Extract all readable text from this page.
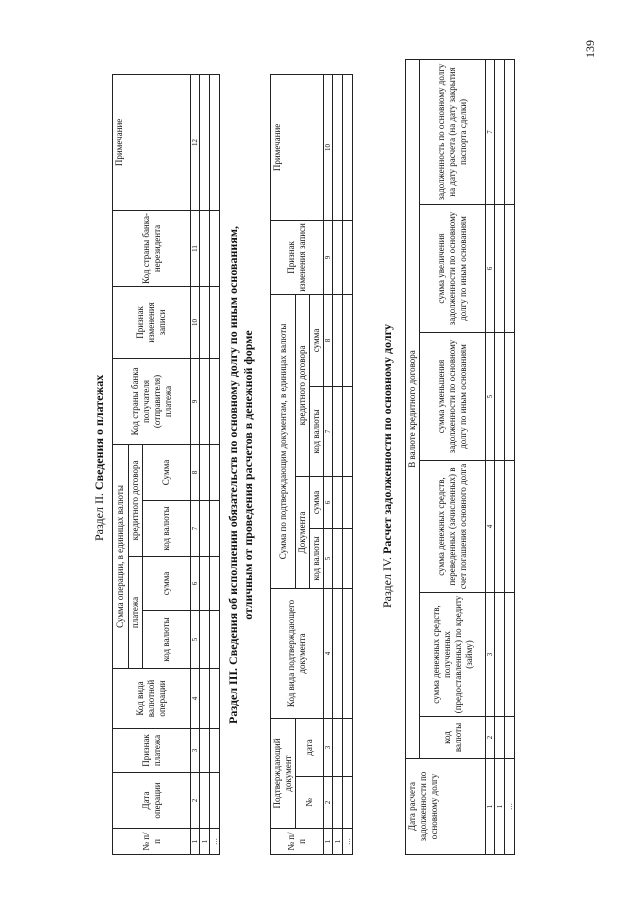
139
Раздел II. Сведения о платежах
№ п/п	Дата операции	Признак платежа	Код вида валютной операции	Сумма операции, в единицах валюты				Код страны банка получателя (отправителя) платежа	Признак изменения записи	Код страны банка-нерезидента	Примечание
				платежа		кредитного договора					
				код валюты	сумма	код валюты	Сумма				
1	2	3	4	5	6	7	8	9	10	11	12
1											
…											
Раздел III. Сведения об исполнении обязательств по основному долгу по иным основаниям, отличным от проведения расчетов в денежной форме
№ п/п	Подтверждающий документ		Код вида подтверждающего документа	Сумма по подтверждающим документам, в единицах валюты				Признак изменения записи	Примечание
	№	дата		Документа		кредитного договора			
				код валюты	сумма	код валюты	сумма		
1	2	3	4	5	6	7	8	9	10
1									
…									
Раздел IV. Расчет задолженности по основному долгу
Дата расчета задолженности по основному долгу	В валюте кредитного договора					
	код валюты	сумма денежных средств, полученных (предоставленных) по кредиту (займу)	сумма денежных средств, переведенных (зачисленных) в счет погашения основного долга	сумма уменьшения задолженности по основному долгу по иным основаниям	сумма увеличения задолженности по основному долгу по иным основаниям	задолженность по основному долгу на дату расчета (на дату закрытия паспорта сделки)
1	2	3	4	5	6	7
1						
…						
